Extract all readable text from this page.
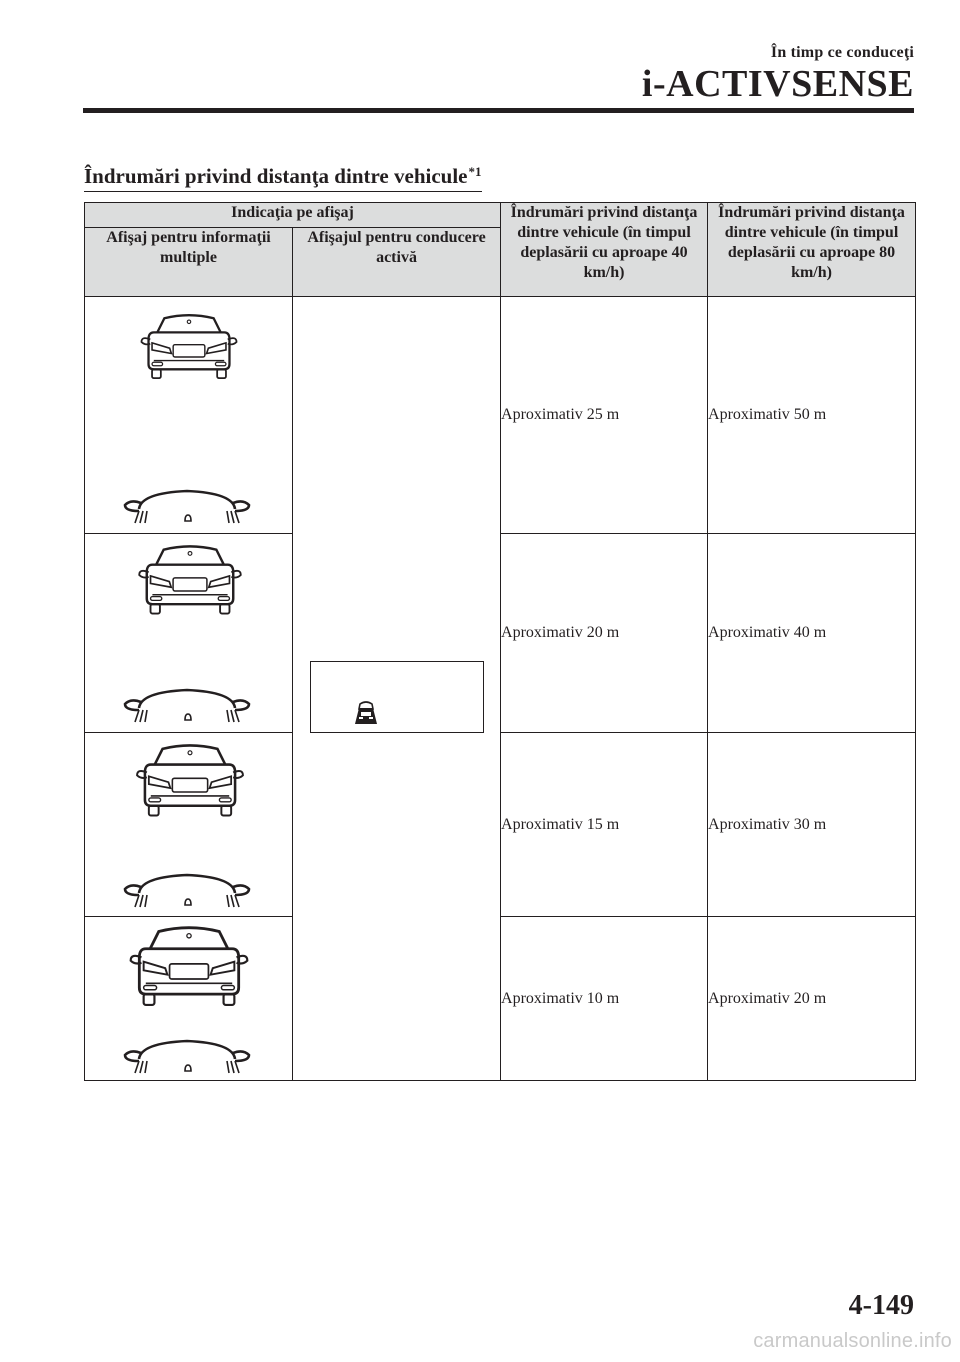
În timp ce conduceţi
i-ACTIVSENSE
Îndrumări privind distanţa dintre vehicule$^{*1}$
Indicaţia pe afişaj		Îndrumări privind distanţa dintre vehicule (în timpul deplasării cu aproape 40 km/h)	Îndrumări privind distanţa dintre vehicule (în timpul deplasării cu aproape 80 km/h)
Afişaj pentru informaţii multiple	Afişajul pentru conducere activă		

	Aproximativ 25 m	Aproximativ 50 m

	Aproximativ 20 m	Aproximativ 40 m

	Aproximativ 15 m	Aproximativ 30 m

	Aproximativ 10 m	Aproximativ 20 m
4-149
carmanualsonline.info
